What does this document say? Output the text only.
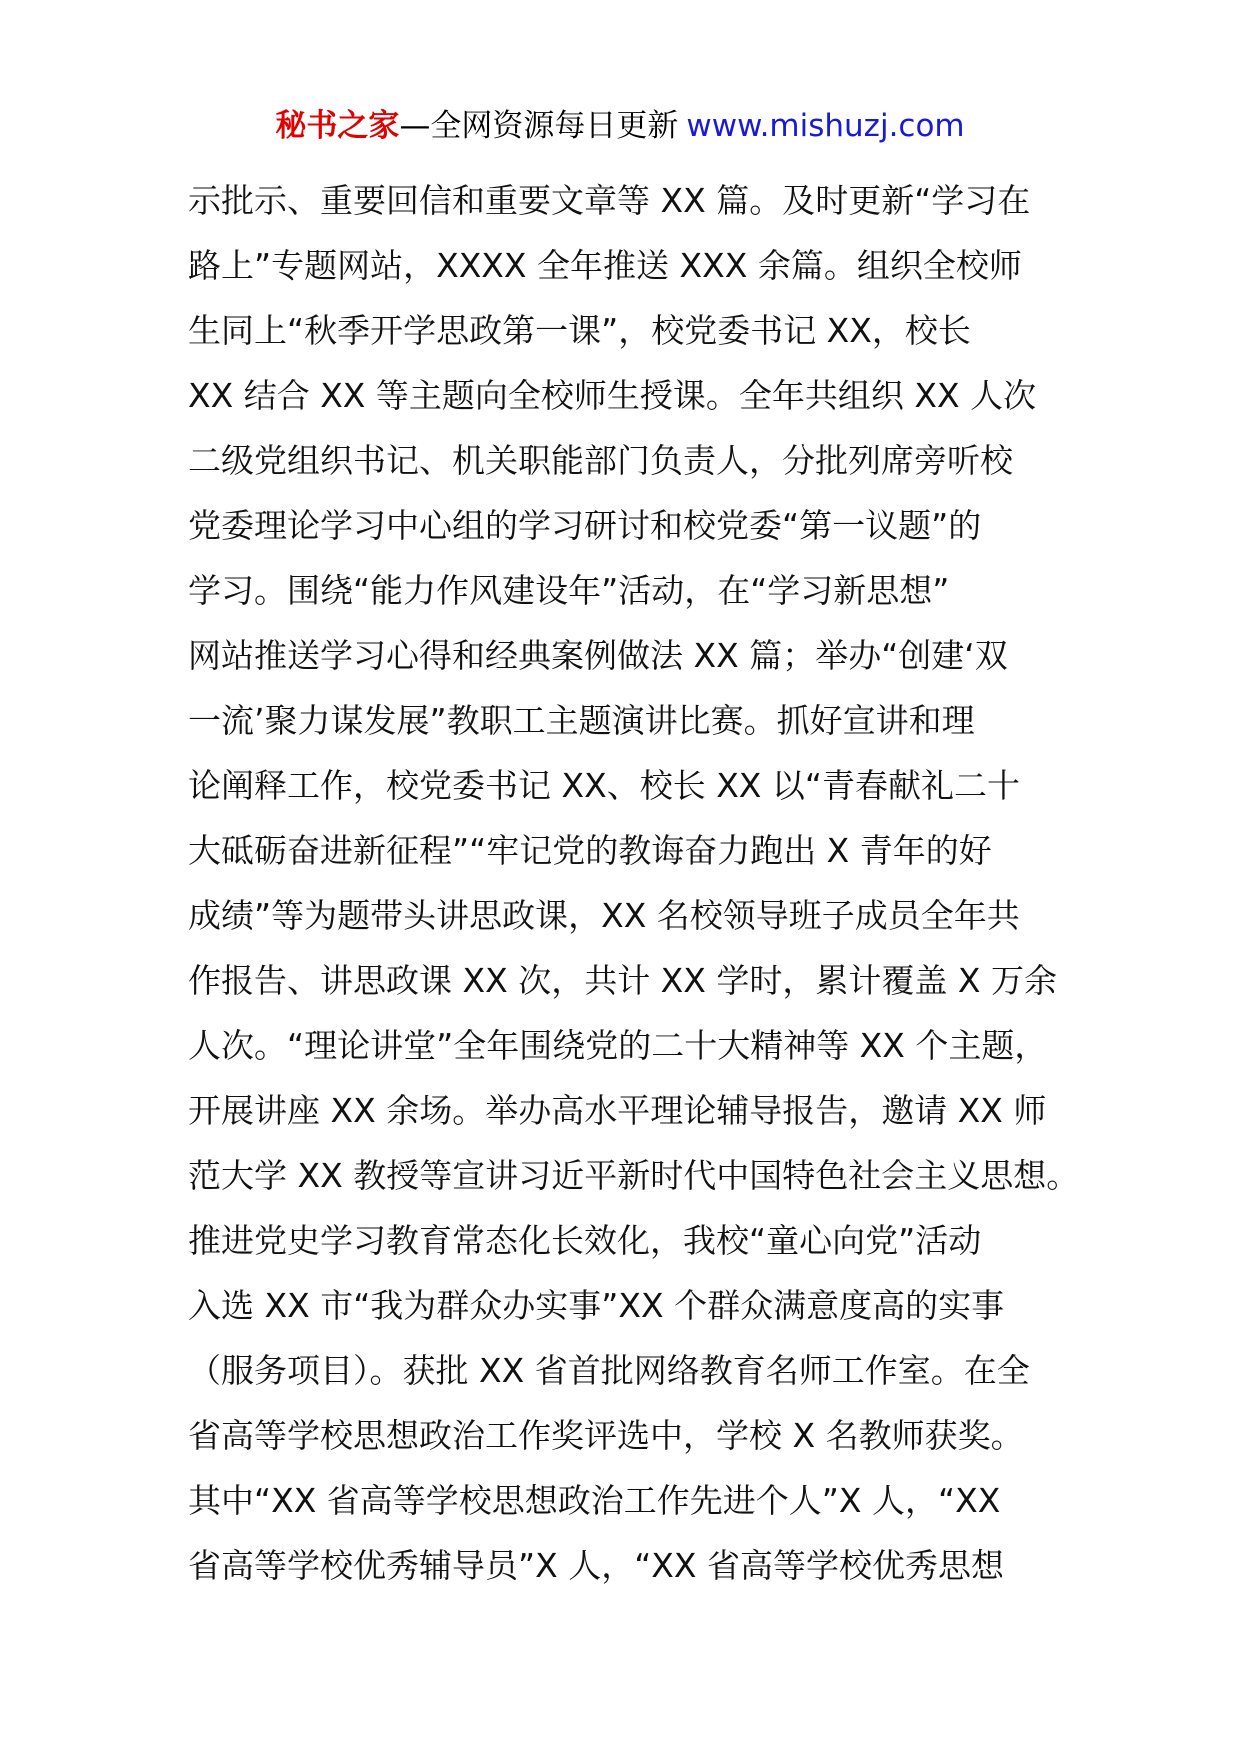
秘书之家—全网资源每日更新 www.mishuzj.com
示批示、重要回信和重要文章等 XX 篇。及时更新“学习在
路上”专题网站，XXXX 全年推送 XXX 余篇。组织全校师
生同上“秋季开学思政第一课”，校党委书记 XX，校长
XX 结合 XX 等主题向全校师生授课。全年共组织 XX 人次
二级党组织书记、机关职能部门负责人，分批列席旁听校
党委理论学习中心组的学习研讨和校党委“第一议题”的
学习。围绕“能力作风建设年”活动，在“学习新思想”
网站推送学习心得和经典案例做法 XX 篇；举办“创建‘双
一流’聚力谋发展”教职工主题演讲比赛。抓好宣讲和理
论阐释工作，校党委书记 XX、校长 XX 以“青春献礼二十
大砥砺奋进新征程”“牢记党的教诲奋力跑出 X 青年的好
成绩”等为题带头讲思政课，XX 名校领导班子成员全年共
作报告、讲思政课 XX 次，共计 XX 学时，累计覆盖 X 万余
人次。“理论讲堂”全年围绕党的二十大精神等 XX 个主题，
开展讲座 XX 余场。举办高水平理论辅导报告，邀请 XX 师
范大学 XX 教授等宣讲习近平新时代中国特色社会主义思想。
推进党史学习教育常态化长效化，我校“童心向党”活动
入选 XX 市“我为群众办实事”XX 个群众满意度高的实事
（服务项目）。获批 XX 省首批网络教育名师工作室。在全
省高等学校思想政治工作奖评选中，学校 X 名教师获奖。
其中“XX 省高等学校思想政治工作先进个人”X 人，“XX
省高等学校优秀辅导员”X 人，“XX 省高等学校优秀思想
